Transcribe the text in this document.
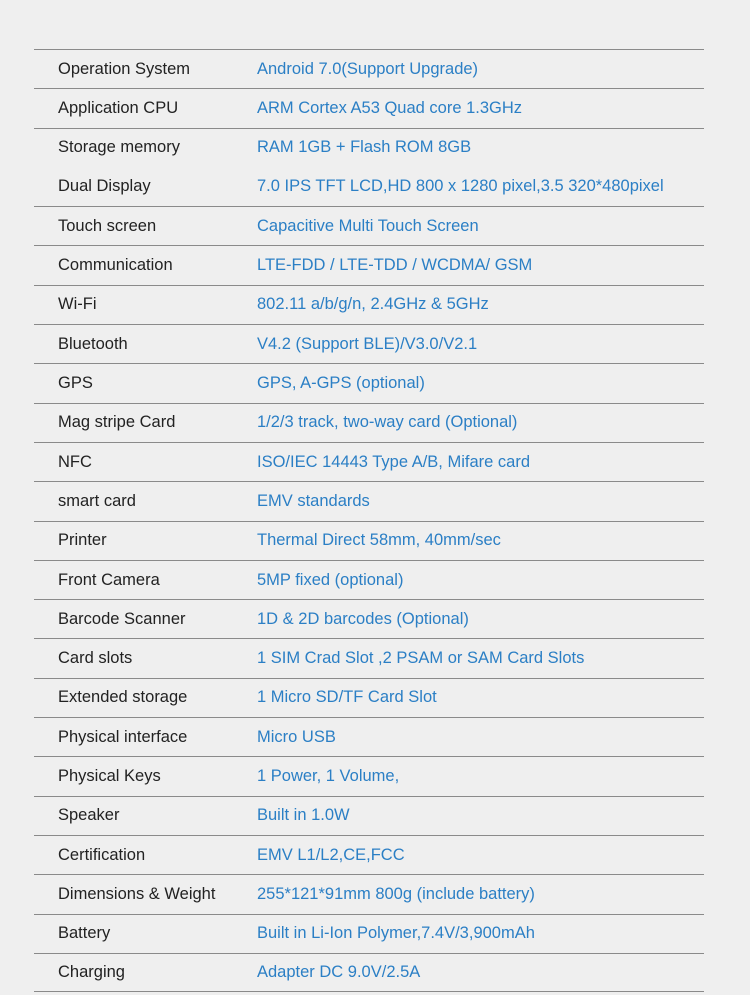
Operation System	Android 7.0(Support Upgrade)
Application CPU	ARM Cortex A53 Quad core 1.3GHz
Storage memory	RAM 1GB + Flash ROM 8GB
Dual Display	7.0 IPS TFT LCD,HD 800 x 1280 pixel,3.5 320*480pixel
Touch screen	Capacitive Multi Touch Screen
Communication	LTE-FDD / LTE-TDD / WCDMA/ GSM
Wi-Fi	802.11 a/b/g/n, 2.4GHz & 5GHz
Bluetooth	V4.2 (Support BLE)/V3.0/V2.1
GPS	GPS, A-GPS (optional)
Mag stripe Card	1/2/3 track, two-way card (Optional)
NFC	ISO/IEC 14443 Type A/B, Mifare card
smart card	EMV standards
Printer	Thermal Direct 58mm, 40mm/sec
Front Camera	5MP fixed (optional)
Barcode Scanner	1D & 2D barcodes (Optional)
Card slots	1 SIM Crad Slot ,2 PSAM or SAM Card Slots
Extended storage	1 Micro SD/TF Card Slot
Physical interface	Micro USB
Physical Keys	1 Power, 1 Volume,
Speaker	Built in 1.0W
Certification	EMV L1/L2,CE,FCC
Dimensions & Weight	255*121*91mm 800g (include battery)
Battery	Built in Li-Ion Polymer,7.4V/3,900mAh
Charging	Adapter DC 9.0V/2.5A
